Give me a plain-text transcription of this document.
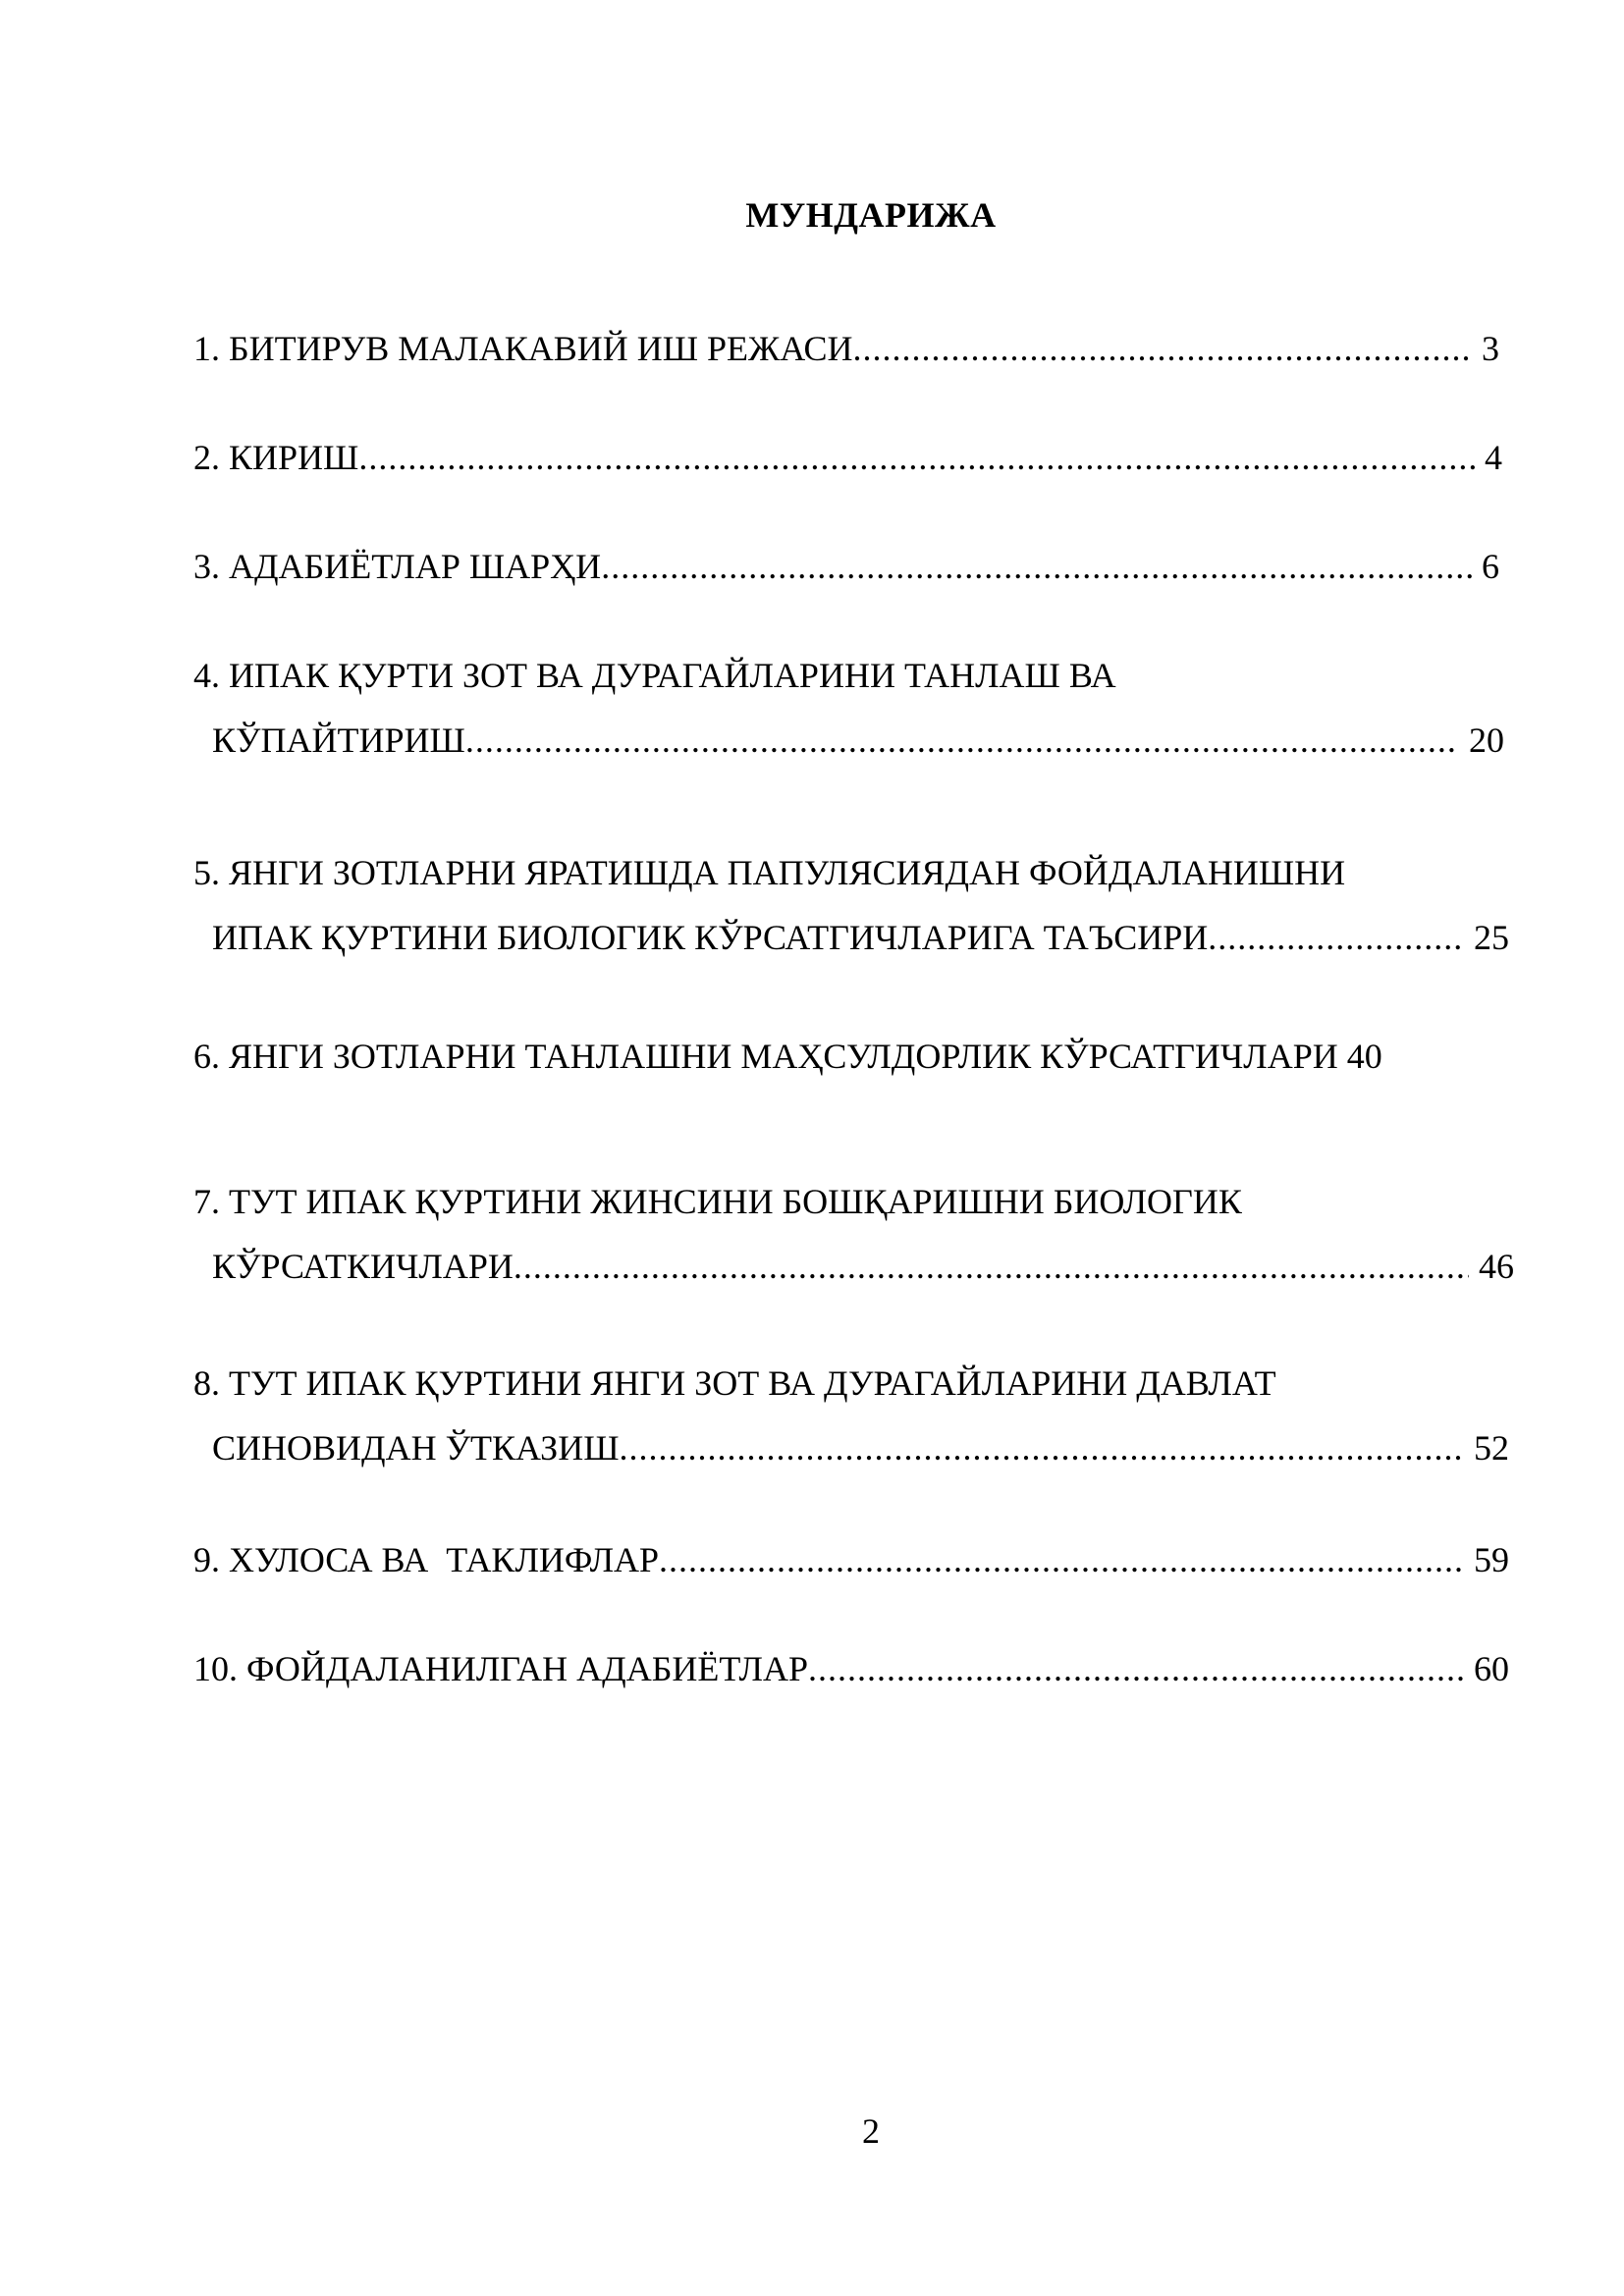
МУНДАРИЖА
1. БИТИРУВ МАЛАКАВИЙ ИШ РЕЖАСИ .....	3
2. КИРИШ .....	4
3. АДАБИЁТЛАР ШАРҲИ .....	6
4. ИПАК ҚУРТИ ЗОТ ВА ДУРАГАЙЛАРИНИ ТАНЛАШ ВА
КЎПАЙТИРИШ .....	20
5. ЯНГИ ЗОТЛАРНИ ЯРАТИШДА ПАПУЛЯСИЯДАН ФОЙДАЛАНИШНИ
ИПАК ҚУРТИНИ БИОЛОГИК КЎРСАТГИЧЛАРИГА ТАЪСИРИ .....	25
6. ЯНГИ ЗОТЛАРНИ ТАНЛАШНИ МАҲСУЛДОРЛИК КЎРСАТГИЧЛАРИ 40
7. ТУТ ИПАК ҚУРТИНИ ЖИНСИНИ БОШҚАРИШНИ БИОЛОГИК
КЎРСАТКИЧЛАРИ .....	46
8. ТУТ ИПАК ҚУРТИНИ ЯНГИ ЗОТ ВА ДУРАГАЙЛАРИНИ ДАВЛАТ
СИНОВИДАН ЎТКАЗИШ .....	52
9. ХУЛОСА ВА  ТАКЛИФЛАР .....	59
10. ФОЙДАЛАНИЛГАН АДАБИЁТЛАР .....	60
2
